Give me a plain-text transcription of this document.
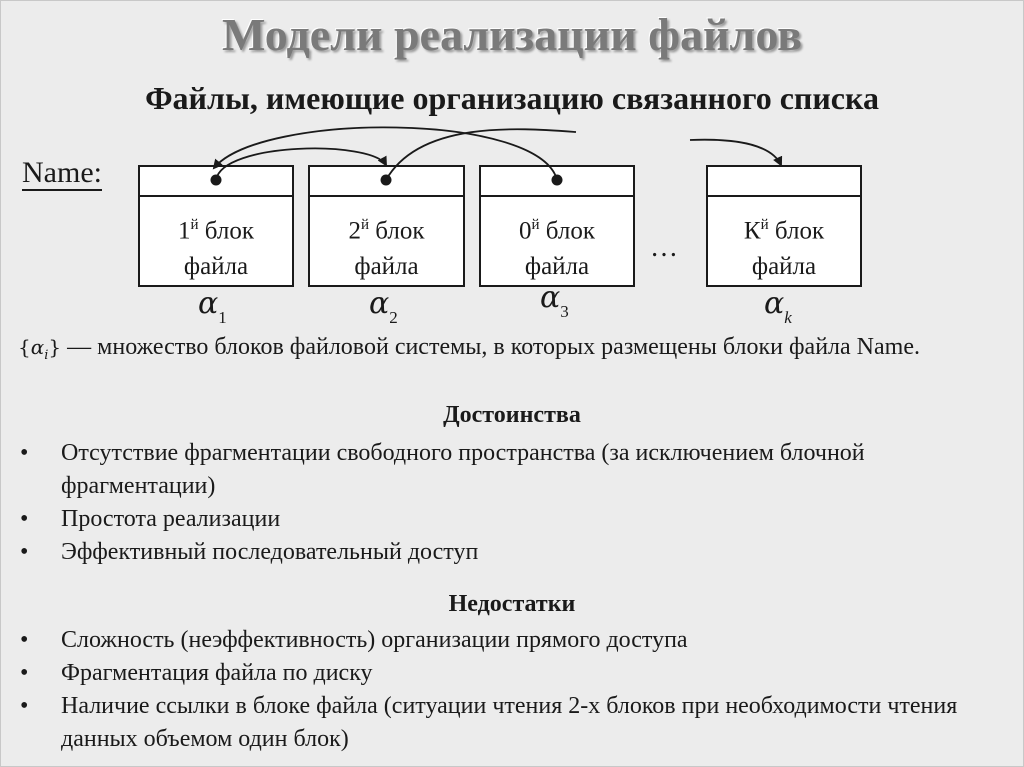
Модели реализации файлов
Файлы, имеющие организацию связанного списка
Name:
$1^й$ блок
файла
$2^й$ блок
файла
$0^й$ блок
файла
…
$К^й$ блок
файла
$\alpha_1$	$\alpha_2$
$\alpha_3$	$\alpha_k$
$\{\alpha_i\}$ — множество блоков файловой системы, в которых размещены блоки файла Name.
Достоинства
• Отсутствие фрагментации свободного пространства (за исключением блочной фрагментации)
• Простота реализации
• Эффективный последовательный доступ
Недостатки
• Сложность (неэффективность) организации прямого доступа
• Фрагментация файла по диску
• Наличие ссылки в блоке файла (ситуации чтения 2-х блоков при необходимости чтения данных объемом один блок)
